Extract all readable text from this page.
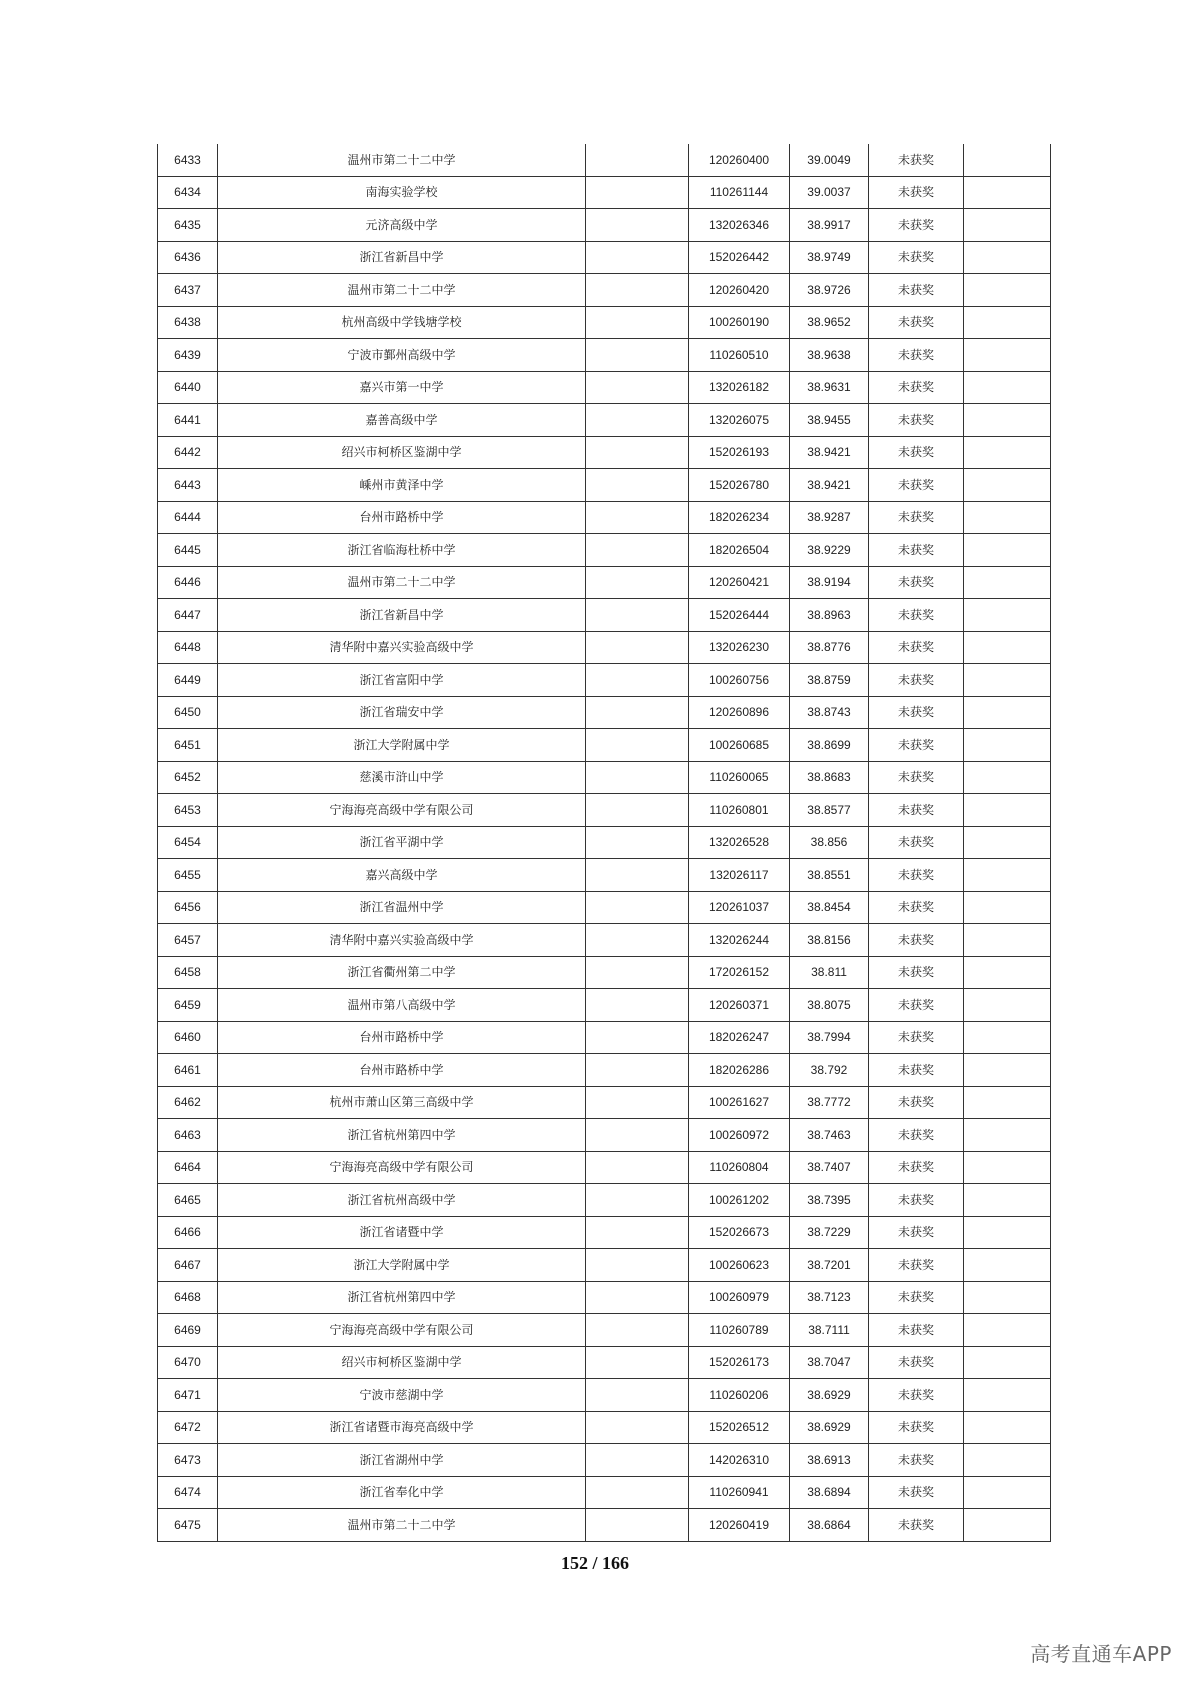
6433	温州市第二十二中学		120260400	39.0049	未获奖	
6434	南海实验学校		110261144	39.0037	未获奖	
6435	元济高级中学		132026346	38.9917	未获奖	
6436	浙江省新昌中学		152026442	38.9749	未获奖	
6437	温州市第二十二中学		120260420	38.9726	未获奖	
6438	杭州高级中学钱塘学校		100260190	38.9652	未获奖	
6439	宁波市鄞州高级中学		110260510	38.9638	未获奖	
6440	嘉兴市第一中学		132026182	38.9631	未获奖	
6441	嘉善高级中学		132026075	38.9455	未获奖	
6442	绍兴市柯桥区鉴湖中学		152026193	38.9421	未获奖	
6443	嵊州市黄泽中学		152026780	38.9421	未获奖	
6444	台州市路桥中学		182026234	38.9287	未获奖	
6445	浙江省临海杜桥中学		182026504	38.9229	未获奖	
6446	温州市第二十二中学		120260421	38.9194	未获奖	
6447	浙江省新昌中学		152026444	38.8963	未获奖	
6448	清华附中嘉兴实验高级中学		132026230	38.8776	未获奖	
6449	浙江省富阳中学		100260756	38.8759	未获奖	
6450	浙江省瑞安中学		120260896	38.8743	未获奖	
6451	浙江大学附属中学		100260685	38.8699	未获奖	
6452	慈溪市浒山中学		110260065	38.8683	未获奖	
6453	宁海海亮高级中学有限公司		110260801	38.8577	未获奖	
6454	浙江省平湖中学		132026528	38.856	未获奖	
6455	嘉兴高级中学		132026117	38.8551	未获奖	
6456	浙江省温州中学		120261037	38.8454	未获奖	
6457	清华附中嘉兴实验高级中学		132026244	38.8156	未获奖	
6458	浙江省衢州第二中学		172026152	38.811	未获奖	
6459	温州市第八高级中学		120260371	38.8075	未获奖	
6460	台州市路桥中学		182026247	38.7994	未获奖	
6461	台州市路桥中学		182026286	38.792	未获奖	
6462	杭州市萧山区第三高级中学		100261627	38.7772	未获奖	
6463	浙江省杭州第四中学		100260972	38.7463	未获奖	
6464	宁海海亮高级中学有限公司		110260804	38.7407	未获奖	
6465	浙江省杭州高级中学		100261202	38.7395	未获奖	
6466	浙江省诸暨中学		152026673	38.7229	未获奖	
6467	浙江大学附属中学		100260623	38.7201	未获奖	
6468	浙江省杭州第四中学		100260979	38.7123	未获奖	
6469	宁海海亮高级中学有限公司		110260789	38.7111	未获奖	
6470	绍兴市柯桥区鉴湖中学		152026173	38.7047	未获奖	
6471	宁波市慈湖中学		110260206	38.6929	未获奖	
6472	浙江省诸暨市海亮高级中学		152026512	38.6929	未获奖	
6473	浙江省湖州中学		142026310	38.6913	未获奖	
6474	浙江省奉化中学		110260941	38.6894	未获奖	
6475	温州市第二十二中学		120260419	38.6864	未获奖	
152 / 166
高考直通车APP
